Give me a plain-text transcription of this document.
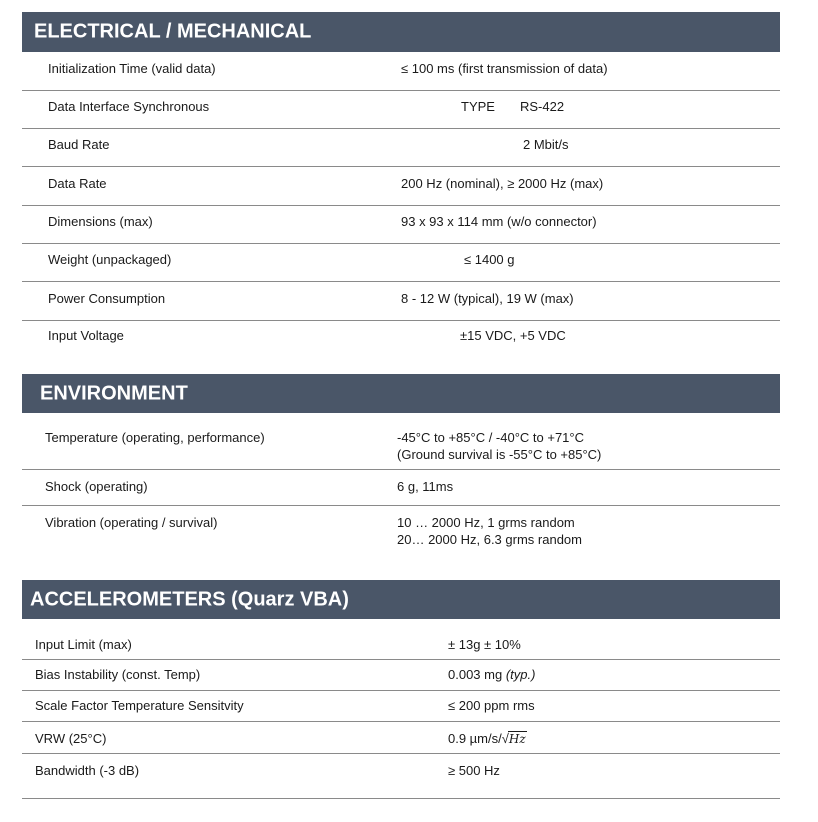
ELECTRICAL / MECHANICAL
Initialization Time (valid data)	≤ 100 ms (first transmission of data)
Data Interface Synchronous	TYPE RS-422
Baud Rate	2 Mbit/s
Data Rate	200 Hz (nominal), ≥ 2000 Hz (max)
Dimensions (max)	93 x 93 x 114 mm (w/o connector)
Weight (unpackaged)	≤ 1400 g
Power Consumption	8 - 12 W (typical), 19 W (max)
Input Voltage	±15 VDC, +5 VDC
ENVIRONMENT
Temperature (operating, performance)	-45°C to +85°C / -40°C to +71°C
(Ground survival is -55°C to +85°C)
Shock (operating)	6 g, 11ms
Vibration (operating / survival)	10 … 2000 Hz, 1 grms random
20… 2000 Hz, 6.3 grms random
ACCELEROMETERS (Quarz VBA)
Input Limit (max)	± 13g ± 10%
Bias Instability (const. Temp)	0.003 mg (typ.)
Scale Factor Temperature Sensitvity	≤ 200 ppm rms
VRW (25°C)	0.9 µm/s/√Hz
Bandwidth (-3 dB)	≥ 500 Hz
